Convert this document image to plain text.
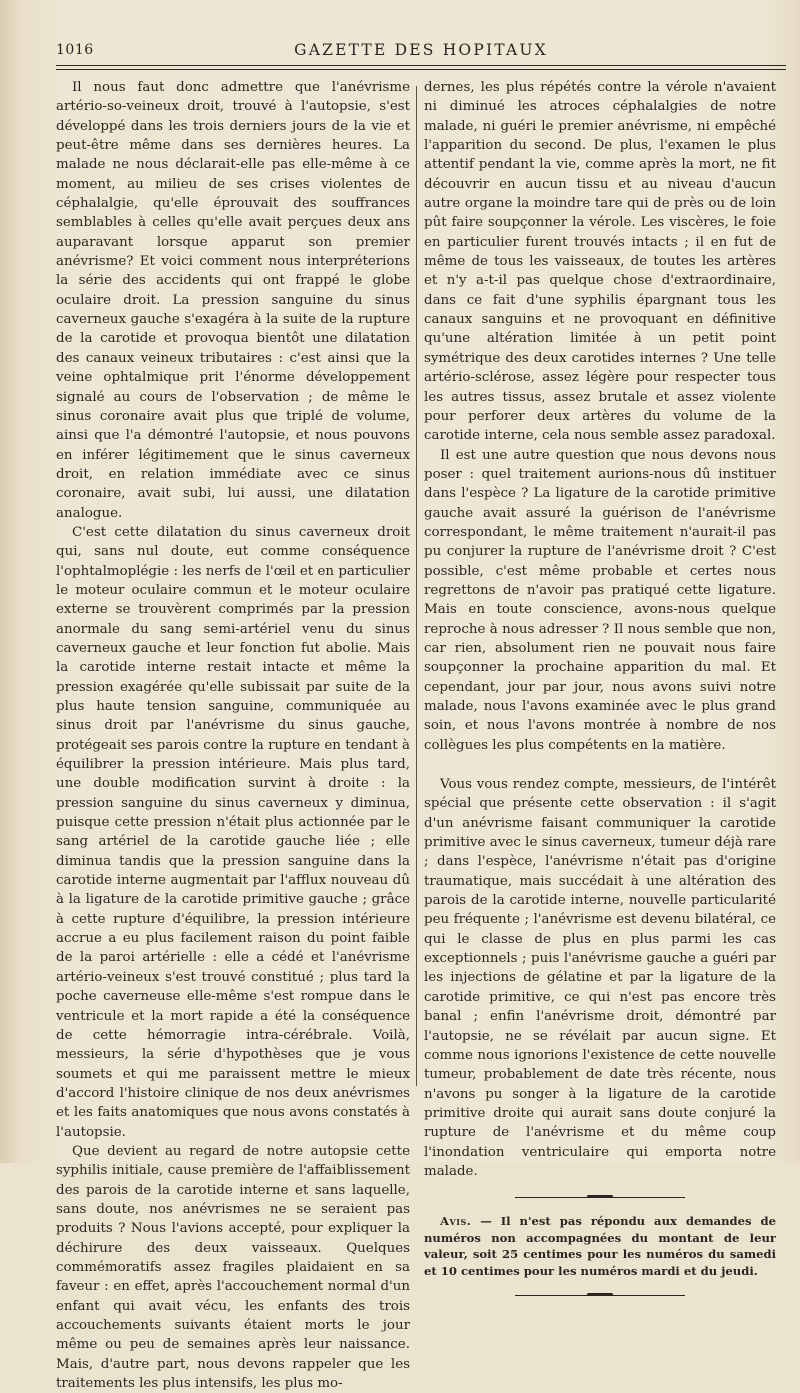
1016	GAZETTE DES HOPITAUX

Il nous faut donc admettre que l'anévrisme artério-so-veineux droit, trouvé à l'autopsie, s'est développé dans les trois derniers jours de la vie et peut-être même dans ses dernières heures. La malade ne nous déclarait-elle pas elle-même à ce moment, au milieu de ses crises violentes de céphalalgie, qu'elle éprouvait des souffrances semblables à celles qu'elle avait perçues deux ans auparavant lorsque apparut son premier anévrisme? Et voici comment nous interpréterions la série des accidents qui ont frappé le globe oculaire droit. La pression sanguine du sinus caverneux gauche s'exagéra à la suite de la rupture de la carotide et provoqua bientôt une dilatation des canaux veineux tributaires : c'est ainsi que la veine ophtalmique prit l'énorme développement signalé au cours de l'observation ; de même le sinus coronaire avait plus que triplé de volume, ainsi que l'a démontré l'autopsie, et nous pouvons en inférer légitimement que le sinus caverneux droit, en relation immédiate avec ce sinus coronaire, avait subi, lui aussi, une dilatation analogue.

C'est cette dilatation du sinus caverneux droit qui, sans nul doute, eut comme conséquence l'ophtalmoplégie : les nerfs de l'œil et en particulier le moteur oculaire commun et le moteur oculaire externe se trouvèrent comprimés par la pression anormale du sang semi-artériel venu du sinus caverneux gauche et leur fonction fut abolie. Mais la carotide interne restait intacte et même la pression exagérée qu'elle subissait par suite de la plus haute tension sanguine, communiquée au sinus droit par l'anévrisme du sinus gauche, protégeait ses parois contre la rupture en tendant à équilibrer la pression intérieure. Mais plus tard, une double modification survint à droite : la pression sanguine du sinus caverneux y diminua, puisque cette pression n'était plus actionnée par le sang artériel de la carotide gauche liée ; elle diminua tandis que la pression sanguine dans la carotide interne augmentait par l'afflux nouveau dû à la ligature de la carotide primitive gauche ; grâce à cette rupture d'équilibre, la pression intérieure accrue a eu plus facilement raison du point faible de la paroi artérielle : elle a cédé et l'anévrisme artério-veineux s'est trouvé constitué ; plus tard la poche caverneuse elle-même s'est rompue dans le ventricule et la mort rapide a été la conséquence de cette hémorragie intra-cérébrale. Voilà, messieurs, la série d'hypothèses que je vous soumets et qui me paraissent mettre le mieux d'accord l'histoire clinique de nos deux anévrismes et les faits anatomiques que nous avons constatés à l'autopsie.

Que devient au regard de notre autopsie cette syphilis initiale, cause première de l'affaiblissement des parois de la carotide interne et sans laquelle, sans doute, nos anévrismes ne se seraient pas produits ? Nous l'avions accepté, pour expliquer la déchirure des deux vaisseaux. Quelques commémoratifs assez fragiles plaidaient en sa faveur : en effet, après l'accouchement normal d'un enfant qui avait vécu, les enfants des trois accouchements suivants étaient morts le jour même ou peu de semaines après leur naissance. Mais, d'autre part, nous devons rappeler que les traitements les plus intensifs, les plus mo-

dernes, les plus répétés contre la vérole n'avaient ni diminué les atroces céphalalgies de notre malade, ni guéri le premier anévrisme, ni empêché l'apparition du second. De plus, l'examen le plus attentif pendant la vie, comme après la mort, ne fit découvrir en aucun tissu et au niveau d'aucun autre organe la moindre tare qui de près ou de loin pût faire soupçonner la vérole. Les viscères, le foie en particulier furent trouvés intacts ; il en fut de même de tous les vaisseaux, de toutes les artères et n'y a-t-il pas quelque chose d'extraordinaire, dans ce fait d'une syphilis épargnant tous les canaux sanguins et ne provoquant en définitive qu'une altération limitée à un petit point symétrique des deux carotides internes ? Une telle artério-sclérose, assez légère pour respecter tous les autres tissus, assez brutale et assez violente pour perforer deux artères du volume de la carotide interne, cela nous semble assez paradoxal.

Il est une autre question que nous devons nous poser : quel traitement aurions-nous dû instituer dans l'espèce ? La ligature de la carotide primitive gauche avait assuré la guérison de l'anévrisme correspondant, le même traitement n'aurait-il pas pu conjurer la rupture de l'anévrisme droit ? C'est possible, c'est même probable et certes nous regrettons de n'avoir pas pratiqué cette ligature. Mais en toute conscience, avons-nous quelque reproche à nous adresser ? Il nous semble que non, car rien, absolument rien ne pouvait nous faire soupçonner la prochaine apparition du mal. Et cependant, jour par jour, nous avons suivi notre malade, nous l'avons examinée avec le plus grand soin, et nous l'avons montrée à nombre de nos collègues les plus compétents en la matière.

Vous vous rendez compte, messieurs, de l'intérêt spécial que présente cette observation : il s'agit d'un anévrisme faisant communiquer la carotide primitive avec le sinus caverneux, tumeur déjà rare ; dans l'espèce, l'anévrisme n'était pas d'origine traumatique, mais succédait à une altération des parois de la carotide interne, nouvelle particularité peu fréquente ; l'anévrisme est devenu bilatéral, ce qui le classe de plus en plus parmi les cas exceptionnels ; puis l'anévrisme gauche a guéri par les injections de gélatine et par la ligature de la carotide primitive, ce qui n'est pas encore très banal ; enfin l'anévrisme droit, démontré par l'autopsie, ne se révélait par aucun signe. Et comme nous ignorions l'existence de cette nouvelle tumeur, probablement de date très récente, nous n'avons pu songer à la ligature de la carotide primitive droite qui aurait sans doute conjuré la rupture de l'anévrisme et du même coup l'inondation ventriculaire qui emporta notre malade.

Avis. — Il n'est pas répondu aux demandes de numéros non accompagnées du montant de leur valeur, soit 25 centimes pour les numéros du samedi et 10 centimes pour les numéros mardi et du jeudi.
